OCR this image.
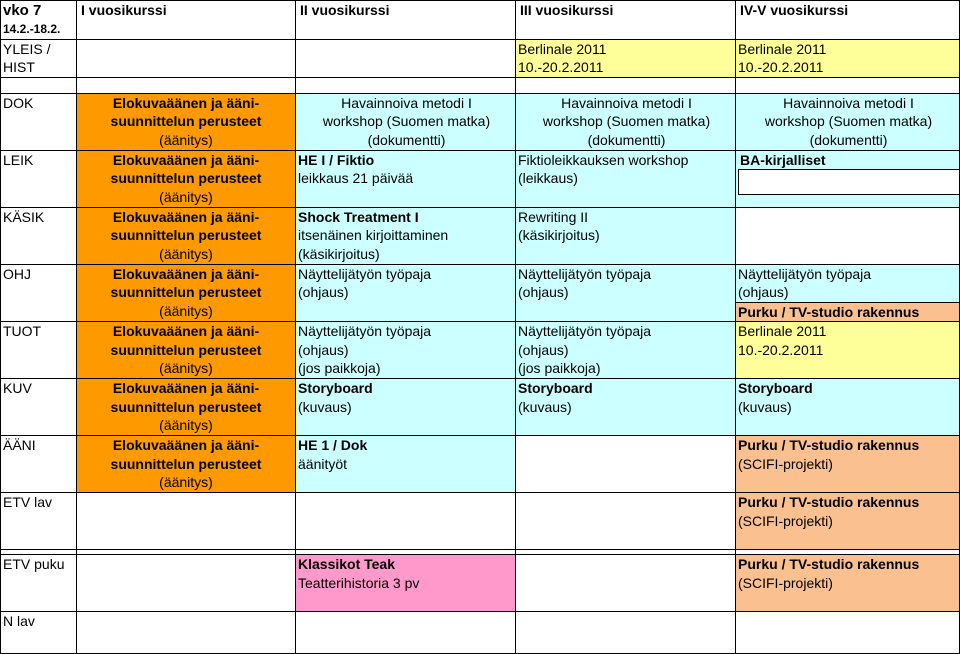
vko 7
14.2.-18.2.	I vuosikurssi	II vuosikurssi	III vuosikurssi	IV-V vuosikurssi

YLEIS /
HIST			Berlinale 2011
10.-20.2.2011	Berlinale 2011
10.-20.2.2011

DOK	Elokuvaäänen ja ääni-
suunnittelun perusteet
(äänitys)	Havainnoiva metodi I
workshop (Suomen matka)
(dokumentti)	Havainnoiva metodi I
workshop (Suomen matka)
(dokumentti)	Havainnoiva metodi I
workshop (Suomen matka)
(dokumentti)

LEIK	Elokuvaäänen ja ääni-
suunnittelun perusteet
(äänitys)	HE I / Fiktio
leikkaus 21 päivää	Fiktioleikkauksen workshop
(leikkaus)	BA-kirjalliset

KÄSIK	Elokuvaäänen ja ääni-
suunnittelun perusteet
(äänitys)	Shock Treatment I
itsenäinen kirjoittaminen
(käsikirjoitus)	Rewriting II
(käsikirjoitus)	

OHJ	Elokuvaäänen ja ääni-
suunnittelun perusteet
(äänitys)	Näyttelijätyön työpaja
(ohjaus)	Näyttelijätyön työpaja
(ohjaus)	Näyttelijätyön työpaja
(ohjaus)
Purku / TV-studio rakennus

TUOT	Elokuvaäänen ja ääni-
suunnittelun perusteet
(äänitys)	Näyttelijätyön työpaja
(ohjaus)
(jos paikkoja)	Näyttelijätyön työpaja
(ohjaus)
(jos paikkoja)	Berlinale 2011
10.-20.2.2011

KUV	Elokuvaäänen ja ääni-
suunnittelun perusteet
(äänitys)	Storyboard
(kuvaus)	Storyboard
(kuvaus)	Storyboard
(kuvaus)

ÄÄNI	Elokuvaäänen ja ääni-
suunnittelun perusteet
(äänitys)	HE 1 / Dok
äänityöt		Purku / TV-studio rakennus
(SCIFI-projekti)

ETV lav				Purku / TV-studio rakennus
(SCIFI-projekti)

ETV puku		Klassikot Teak
Teatterihistoria 3 pv		Purku / TV-studio rakennus
(SCIFI-projekti)

N lav				
